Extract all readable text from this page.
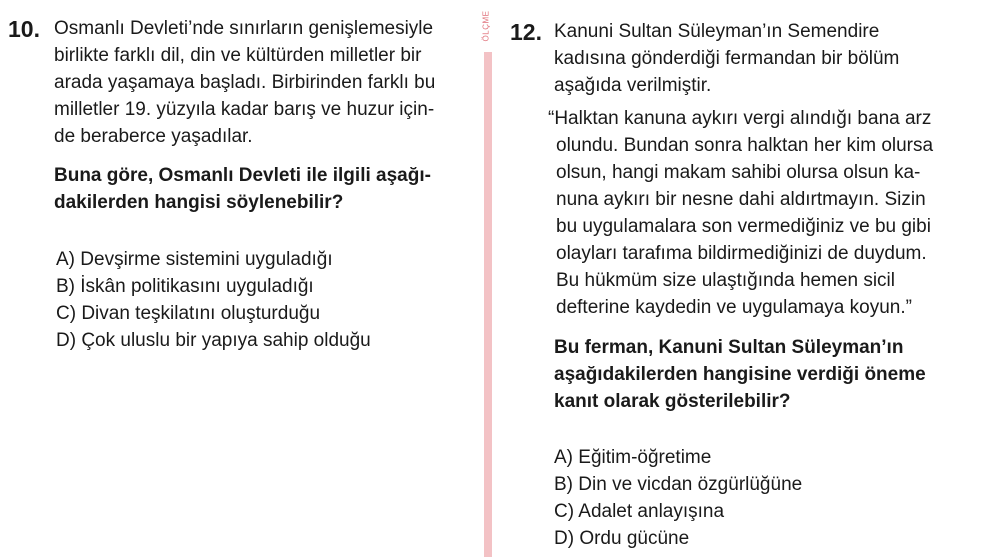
10. Osmanlı Devleti’nde sınırların genişlemesiyle
birlikte farklı dil, din ve kültürden milletler bir
arada yaşamaya başladı. Birbirinden farklı bu
milletler 19. yüzyıla kadar barış ve huzur için-
de beraberce yaşadılar.
Buna göre, Osmanlı Devleti ile ilgili aşağı-
dakilerden hangisi söylenebilir?
A) Devşirme sistemini uyguladığı
B) İskân politikasını uyguladığı
C) Divan teşkilatını oluşturduğu
D) Çok uluslu bir yapıya sahip olduğu
ÖLÇME 12. Kanuni Sultan Süleyman’ın Semendire
kadısına gönderdiği fermandan bir bölüm
aşağıda verilmiştir.
“Halktan kanuna aykırı vergi alındığı bana arz
olundu. Bundan sonra halktan her kim olursa
olsun, hangi makam sahibi olursa olsun ka-
nuna aykırı bir nesne dahi aldırtmayın. Sizin
bu uygulamalara son vermediğiniz ve bu gibi
olayları tarafıma bildirmediğinizi de duydum.
Bu hükmüm size ulaştığında hemen sicil
defterine kaydedin ve uygulamaya koyun.”
Bu ferman, Kanuni Sultan Süleyman’ın
aşağıdakilerden hangisine verdiği öneme
kanıt olarak gösterilebilir?
A) Eğitim-öğretime
B) Din ve vicdan özgürlüğüne
C) Adalet anlayışına
D) Ordu gücüne
